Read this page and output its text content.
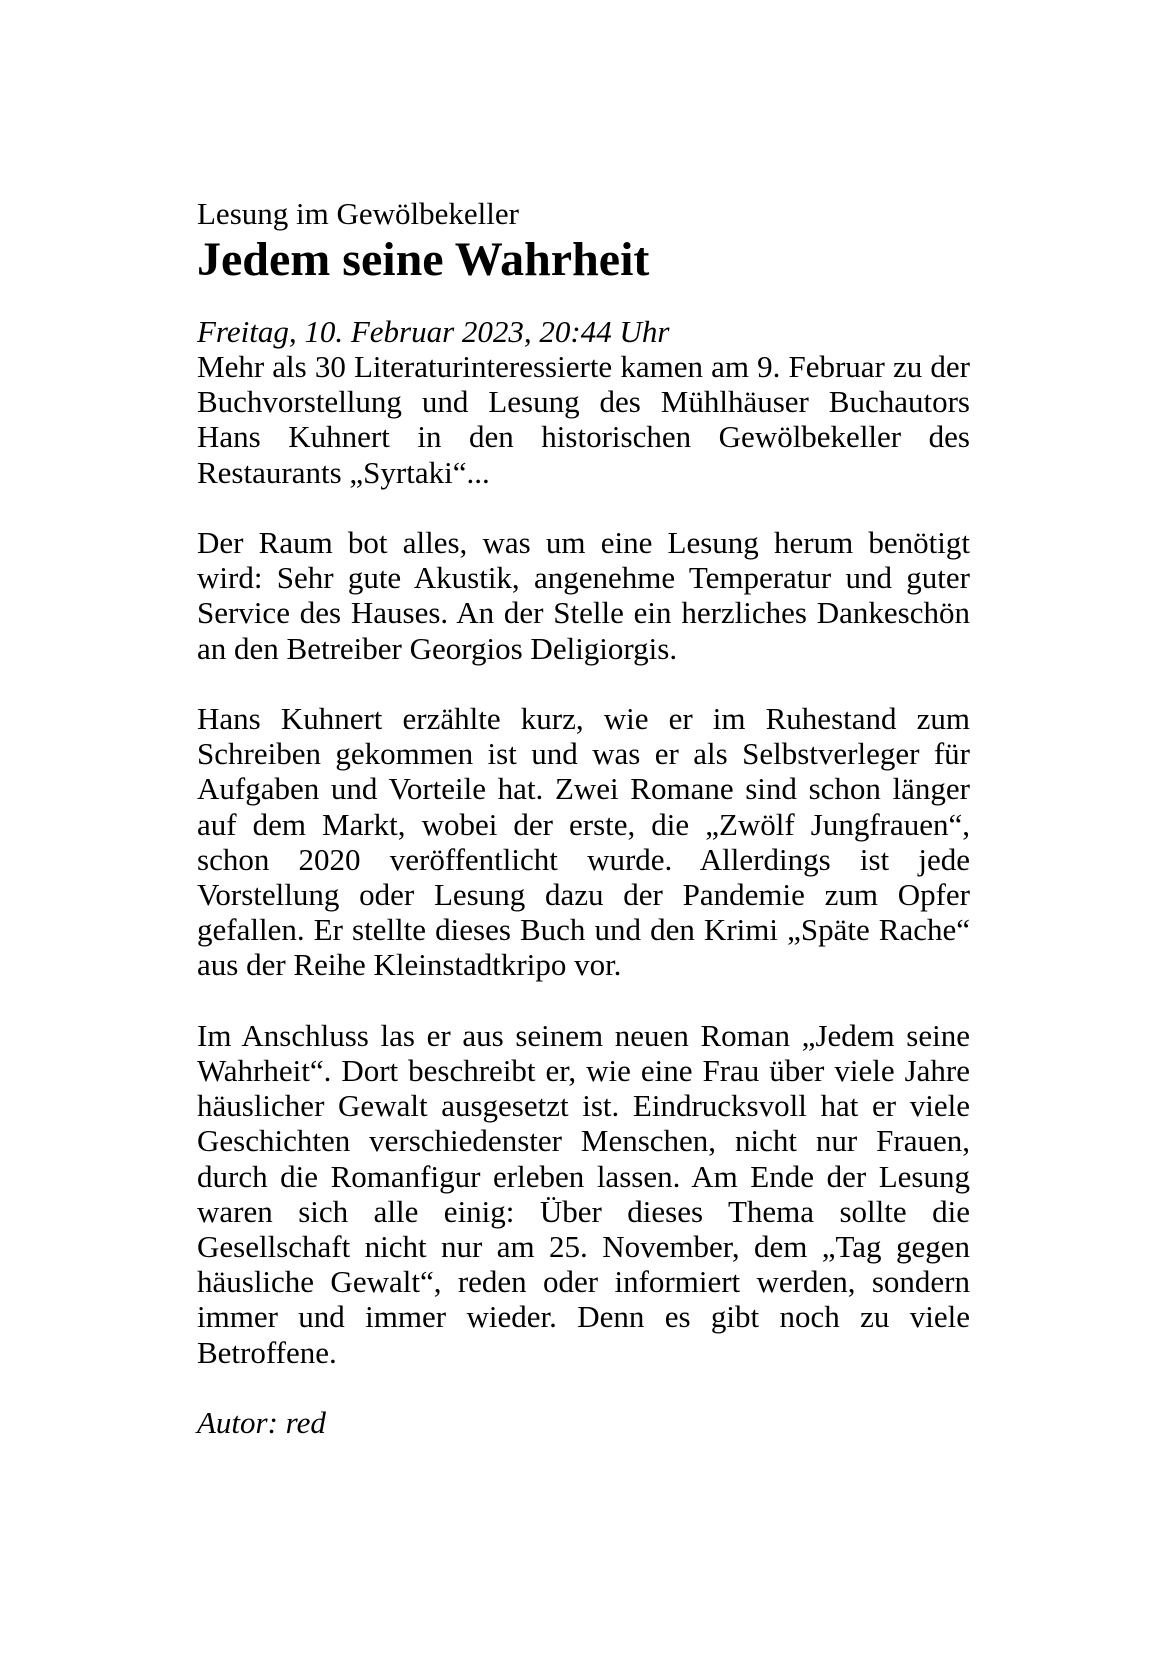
Lesung im Gewölbekeller

Jedem seine Wahrheit

Freitag, 10. Februar 2023, 20:44 Uhr

Mehr als 30 Literaturinteressierte kamen am 9. Februar zu der Buchvorstellung und Lesung des Mühlhäuser Buchautors Hans Kuhnert in den historischen Gewölbekeller des Restaurants „Syrtaki“...

Der Raum bot alles, was um eine Lesung herum benötigt wird: Sehr gute Akustik, angenehme Temperatur und guter Service des Hauses. An der Stelle ein herzliches Dankeschön an den Betreiber Georgios Deligiorgis.

Hans Kuhnert erzählte kurz, wie er im Ruhestand zum Schreiben gekommen ist und was er als Selbstverleger für Aufgaben und Vorteile hat. Zwei Romane sind schon länger auf dem Markt, wobei der erste, die „Zwölf Jungfrauen“, schon 2020 veröffentlicht wurde. Allerdings ist jede Vorstellung oder Lesung dazu der Pandemie zum Opfer gefallen. Er stellte dieses Buch und den Krimi „Späte Rache“ aus der Reihe Kleinstadtkripo vor.

Im Anschluss las er aus seinem neuen Roman „Jedem seine Wahrheit“. Dort beschreibt er, wie eine Frau über viele Jahre häuslicher Gewalt ausgesetzt ist. Eindrucksvoll hat er viele Geschichten verschiedenster Menschen, nicht nur Frauen, durch die Romanfigur erleben lassen. Am Ende der Lesung waren sich alle einig: Über dieses Thema sollte die Gesellschaft nicht nur am 25. November, dem „Tag gegen häusliche Gewalt“, reden oder informiert werden, sondern immer und immer wieder. Denn es gibt noch zu viele Betroffene.

Autor: red
